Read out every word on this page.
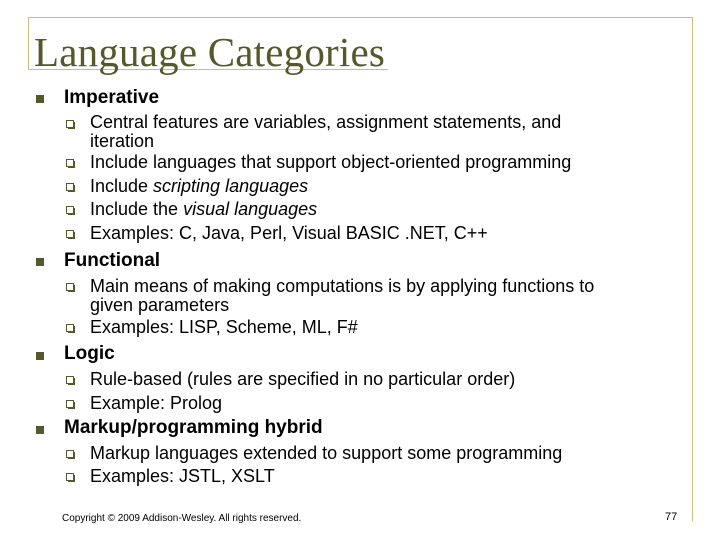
Language Categories
Imperative
Central features are variables, assignment statements, and
iteration
Include languages that support object-oriented programming
Include scripting languages
Include the visual languages
Examples: C, Java, Perl, Visual BASIC .NET, C++
Functional
Main means of making computations is by applying functions to
given parameters
Examples: LISP, Scheme, ML, F#
Logic
Rule-based (rules are specified in no particular order)
Example: Prolog
Markup/programming hybrid
Markup languages extended to support some programming
Examples: JSTL, XSLT
Copyright © 2009 Addison-Wesley. All rights reserved.	77
